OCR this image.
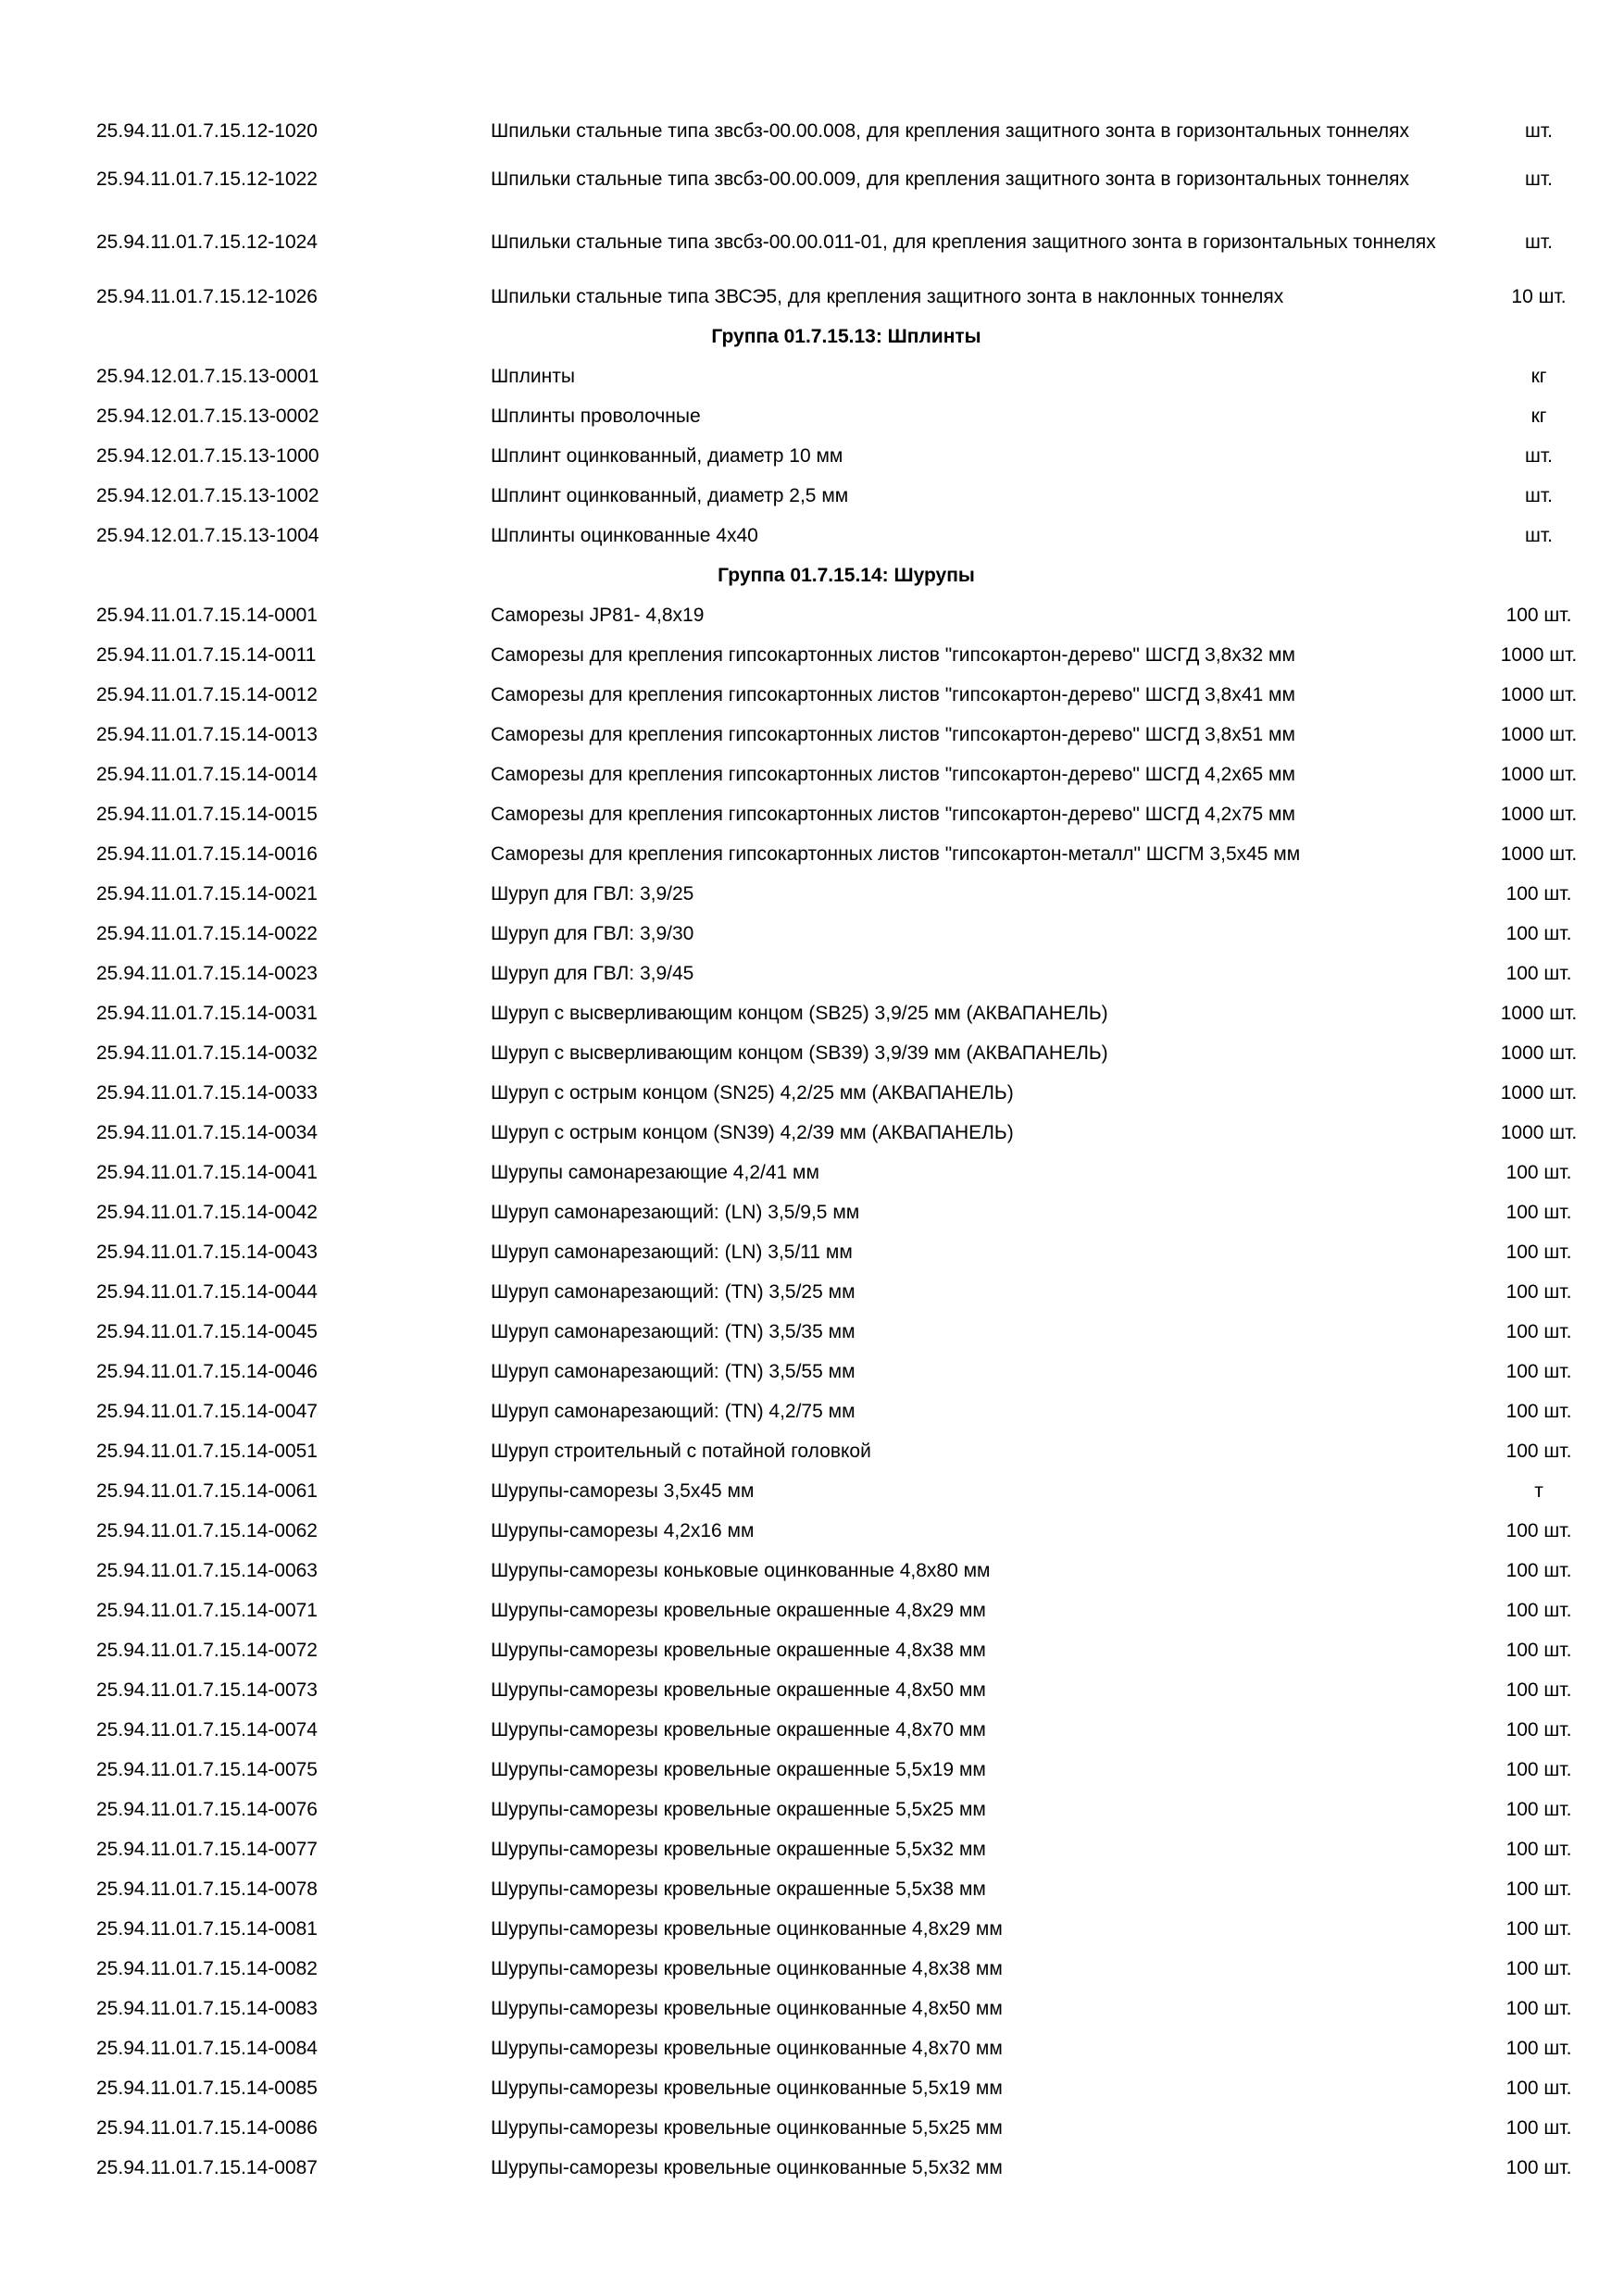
25.94.11.01.7.15.12-1020	Шпильки стальные типа звсбз-00.00.008, для крепления защитного зонта в горизонтальных тоннелях	шт.
25.94.11.01.7.15.12-1022	Шпильки стальные типа звсбз-00.00.009, для крепления защитного зонта в горизонтальных тоннелях	шт.
25.94.11.01.7.15.12-1024	Шпильки стальные типа звсбз-00.00.011-01, для крепления защитного зонта в горизонтальных тоннелях	шт.
25.94.11.01.7.15.12-1026	Шпильки стальные типа ЗВСЭ5, для крепления защитного зонта в наклонных тоннелях	10 шт.
Группа 01.7.15.13: Шплинты
25.94.12.01.7.15.13-0001	Шплинты	кг
25.94.12.01.7.15.13-0002	Шплинты проволочные	кг
25.94.12.01.7.15.13-1000	Шплинт оцинкованный, диаметр 10 мм	шт.
25.94.12.01.7.15.13-1002	Шплинт оцинкованный, диаметр 2,5 мм	шт.
25.94.12.01.7.15.13-1004	Шплинты оцинкованные 4х40	шт.
Группа 01.7.15.14: Шурупы
25.94.11.01.7.15.14-0001	Саморезы JP81- 4,8х19	100 шт.
25.94.11.01.7.15.14-0011	Саморезы для крепления гипсокартонных листов "гипсокартон-дерево" ШСГД 3,8х32 мм	1000 шт.
25.94.11.01.7.15.14-0012	Саморезы для крепления гипсокартонных листов "гипсокартон-дерево" ШСГД 3,8х41 мм	1000 шт.
25.94.11.01.7.15.14-0013	Саморезы для крепления гипсокартонных листов "гипсокартон-дерево" ШСГД 3,8х51 мм	1000 шт.
25.94.11.01.7.15.14-0014	Саморезы для крепления гипсокартонных листов "гипсокартон-дерево" ШСГД 4,2х65 мм	1000 шт.
25.94.11.01.7.15.14-0015	Саморезы для крепления гипсокартонных листов "гипсокартон-дерево" ШСГД 4,2х75 мм	1000 шт.
25.94.11.01.7.15.14-0016	Саморезы для крепления гипсокартонных листов "гипсокартон-металл" ШСГМ 3,5х45 мм	1000 шт.
25.94.11.01.7.15.14-0021	Шуруп для ГВЛ: 3,9/25	100 шт.
25.94.11.01.7.15.14-0022	Шуруп для ГВЛ: 3,9/30	100 шт.
25.94.11.01.7.15.14-0023	Шуруп для ГВЛ: 3,9/45	100 шт.
25.94.11.01.7.15.14-0031	Шуруп с высверливающим концом (SB25) 3,9/25 мм (АКВАПАНЕЛЬ)	1000 шт.
25.94.11.01.7.15.14-0032	Шуруп с высверливающим концом (SB39) 3,9/39 мм (АКВАПАНЕЛЬ)	1000 шт.
25.94.11.01.7.15.14-0033	Шуруп с острым концом (SN25) 4,2/25 мм (АКВАПАНЕЛЬ)	1000 шт.
25.94.11.01.7.15.14-0034	Шуруп с острым концом (SN39) 4,2/39 мм (АКВАПАНЕЛЬ)	1000 шт.
25.94.11.01.7.15.14-0041	Шурупы самонарезающие 4,2/41 мм	100 шт.
25.94.11.01.7.15.14-0042	Шуруп самонарезающий: (LN) 3,5/9,5 мм	100 шт.
25.94.11.01.7.15.14-0043	Шуруп самонарезающий: (LN) 3,5/11 мм	100 шт.
25.94.11.01.7.15.14-0044	Шуруп самонарезающий: (TN) 3,5/25 мм	100 шт.
25.94.11.01.7.15.14-0045	Шуруп самонарезающий: (TN) 3,5/35 мм	100 шт.
25.94.11.01.7.15.14-0046	Шуруп самонарезающий: (TN) 3,5/55 мм	100 шт.
25.94.11.01.7.15.14-0047	Шуруп самонарезающий: (TN) 4,2/75 мм	100 шт.
25.94.11.01.7.15.14-0051	Шуруп строительный с потайной головкой	100 шт.
25.94.11.01.7.15.14-0061	Шурупы-саморезы 3,5х45 мм	т
25.94.11.01.7.15.14-0062	Шурупы-саморезы 4,2х16 мм	100 шт.
25.94.11.01.7.15.14-0063	Шурупы-саморезы коньковые оцинкованные 4,8х80 мм	100 шт.
25.94.11.01.7.15.14-0071	Шурупы-саморезы кровельные окрашенные 4,8х29 мм	100 шт.
25.94.11.01.7.15.14-0072	Шурупы-саморезы кровельные окрашенные 4,8х38 мм	100 шт.
25.94.11.01.7.15.14-0073	Шурупы-саморезы кровельные окрашенные 4,8х50 мм	100 шт.
25.94.11.01.7.15.14-0074	Шурупы-саморезы кровельные окрашенные 4,8х70 мм	100 шт.
25.94.11.01.7.15.14-0075	Шурупы-саморезы кровельные окрашенные 5,5х19 мм	100 шт.
25.94.11.01.7.15.14-0076	Шурупы-саморезы кровельные окрашенные 5,5х25 мм	100 шт.
25.94.11.01.7.15.14-0077	Шурупы-саморезы кровельные окрашенные 5,5х32 мм	100 шт.
25.94.11.01.7.15.14-0078	Шурупы-саморезы кровельные окрашенные 5,5х38 мм	100 шт.
25.94.11.01.7.15.14-0081	Шурупы-саморезы кровельные оцинкованные 4,8х29 мм	100 шт.
25.94.11.01.7.15.14-0082	Шурупы-саморезы кровельные оцинкованные 4,8х38 мм	100 шт.
25.94.11.01.7.15.14-0083	Шурупы-саморезы кровельные оцинкованные 4,8х50 мм	100 шт.
25.94.11.01.7.15.14-0084	Шурупы-саморезы кровельные оцинкованные 4,8х70 мм	100 шт.
25.94.11.01.7.15.14-0085	Шурупы-саморезы кровельные оцинкованные 5,5х19 мм	100 шт.
25.94.11.01.7.15.14-0086	Шурупы-саморезы кровельные оцинкованные 5,5х25 мм	100 шт.
25.94.11.01.7.15.14-0087	Шурупы-саморезы кровельные оцинкованные 5,5х32 мм	100 шт.
